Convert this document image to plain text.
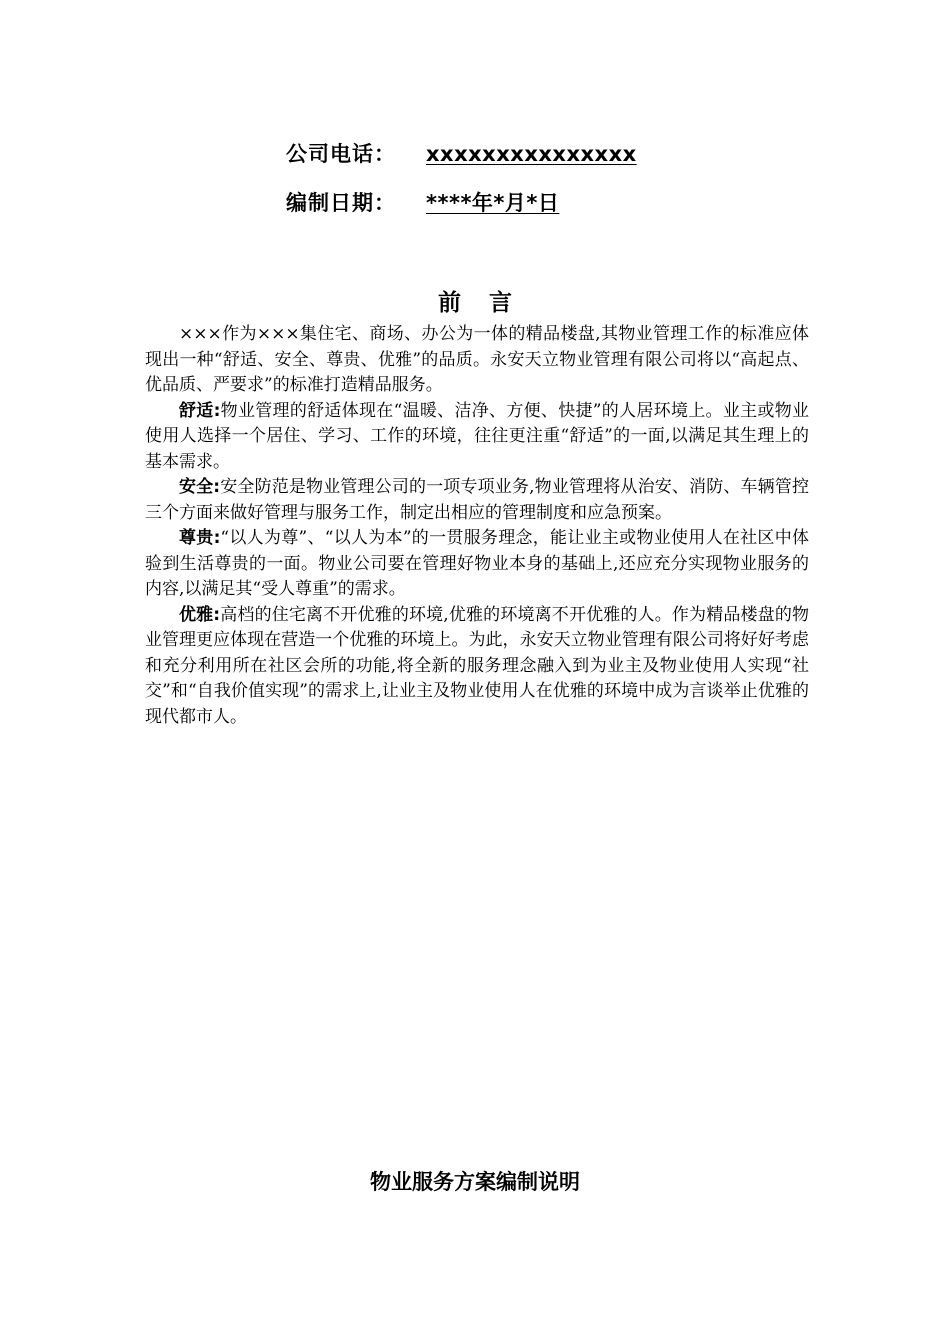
公司电话：	xxxxxxxxxxxxxxx
编制日期：	****年*月*日
前言

×××作为×××集住宅、商场、办公为一体的精品楼盘,其物业管理工作的标准应体现出一种“舒适、安全、尊贵、优雅”的品质。永安天立物业管理有限公司将以“高起点、优品质、严要求”的标准打造精品服务。

舒适:物业管理的舒适体现在“温暖、洁净、方便、快捷”的人居环境上。业主或物业使用人选择一个居住、学习、工作的环境，往往更注重“舒适”的一面,以满足其生理上的基本需求。

安全:安全防范是物业管理公司的一项专项业务,物业管理将从治安、消防、车辆管控三个方面来做好管理与服务工作，制定出相应的管理制度和应急预案。

尊贵:“以人为尊”、“以人为本”的一贯服务理念，能让业主或物业使用人在社区中体验到生活尊贵的一面。物业公司要在管理好物业本身的基础上,还应充分实现物业服务的内容,以满足其“受人尊重”的需求。

优雅:高档的住宅离不开优雅的环境,优雅的环境离不开优雅的人。作为精品楼盘的物业管理更应体现在营造一个优雅的环境上。为此，永安天立物业管理有限公司将好好考虑和充分利用所在社区会所的功能,将全新的服务理念融入到为业主及物业使用人实现“社交”和“自我价值实现”的需求上,让业主及物业使用人在优雅的环境中成为言谈举止优雅的现代都市人。

物业服务方案编制说明
